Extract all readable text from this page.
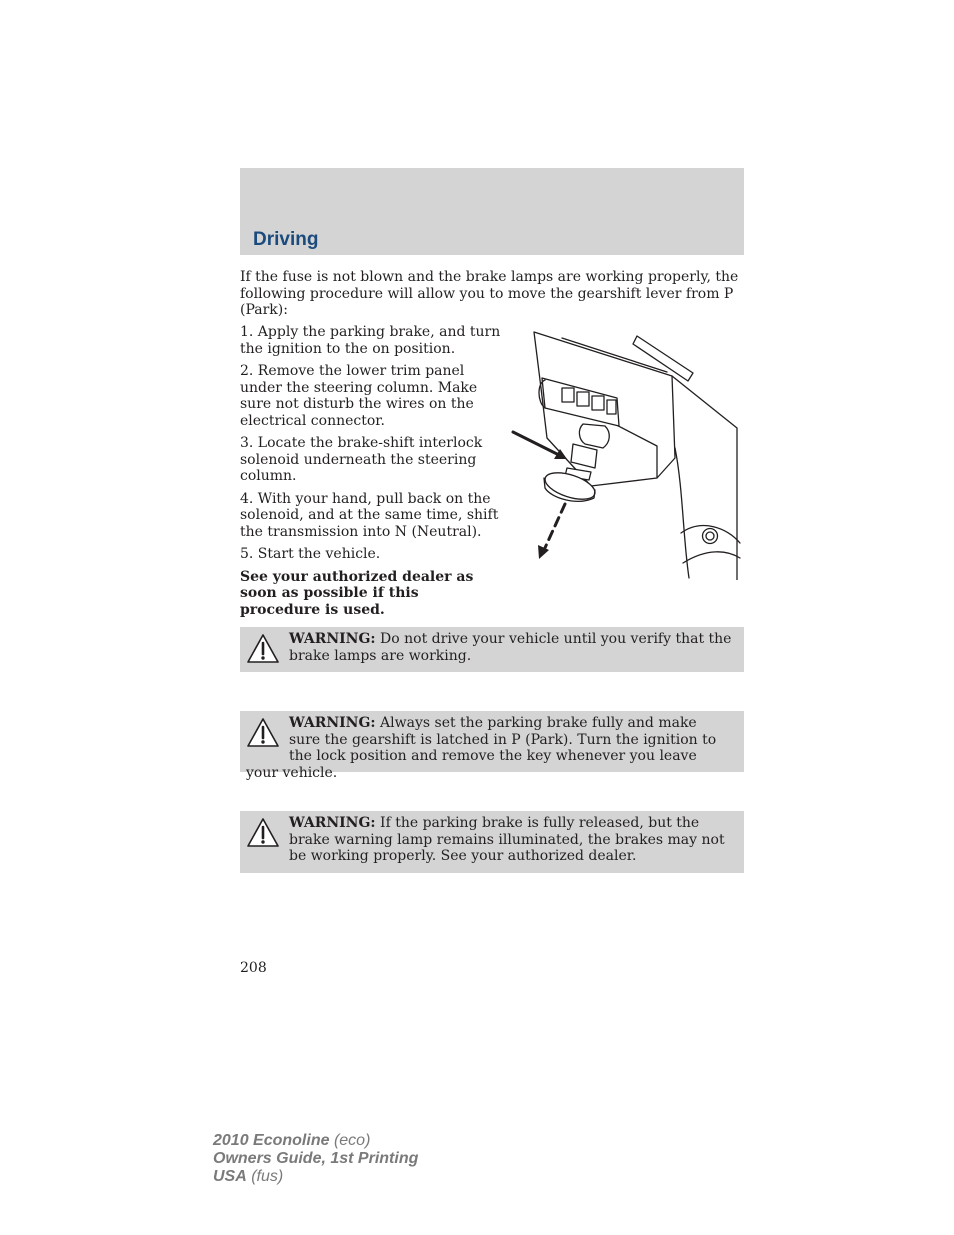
Driving
If the fuse is not blown and the brake lamps are working properly, the following procedure will allow you to move the gearshift lever from P (Park):

1. Apply the parking brake, and turn the ignition to the on position.

2. Remove the lower trim panel under the steering column. Make sure not disturb the wires on the electrical connector.

3. Locate the brake-shift interlock solenoid underneath the steering column.

4. With your hand, pull back on the solenoid, and at the same time, shift the transmission into N (Neutral).

5. Start the vehicle.

See your authorized dealer as soon as possible if this procedure is used.

WARNING: Do not drive your vehicle until you verify that the brake lamps are working.
WARNING: Always set the parking brake fully and make sure the gearshift is latched in P (Park). Turn the ignition to the lock position and remove the key whenever you leave your vehicle.
WARNING: If the parking brake is fully released, but the brake warning lamp remains illuminated, the brakes may not be working properly. See your authorized dealer.
208
2010 Econoline (eco)
Owners Guide, 1st Printing
USA (fus)
